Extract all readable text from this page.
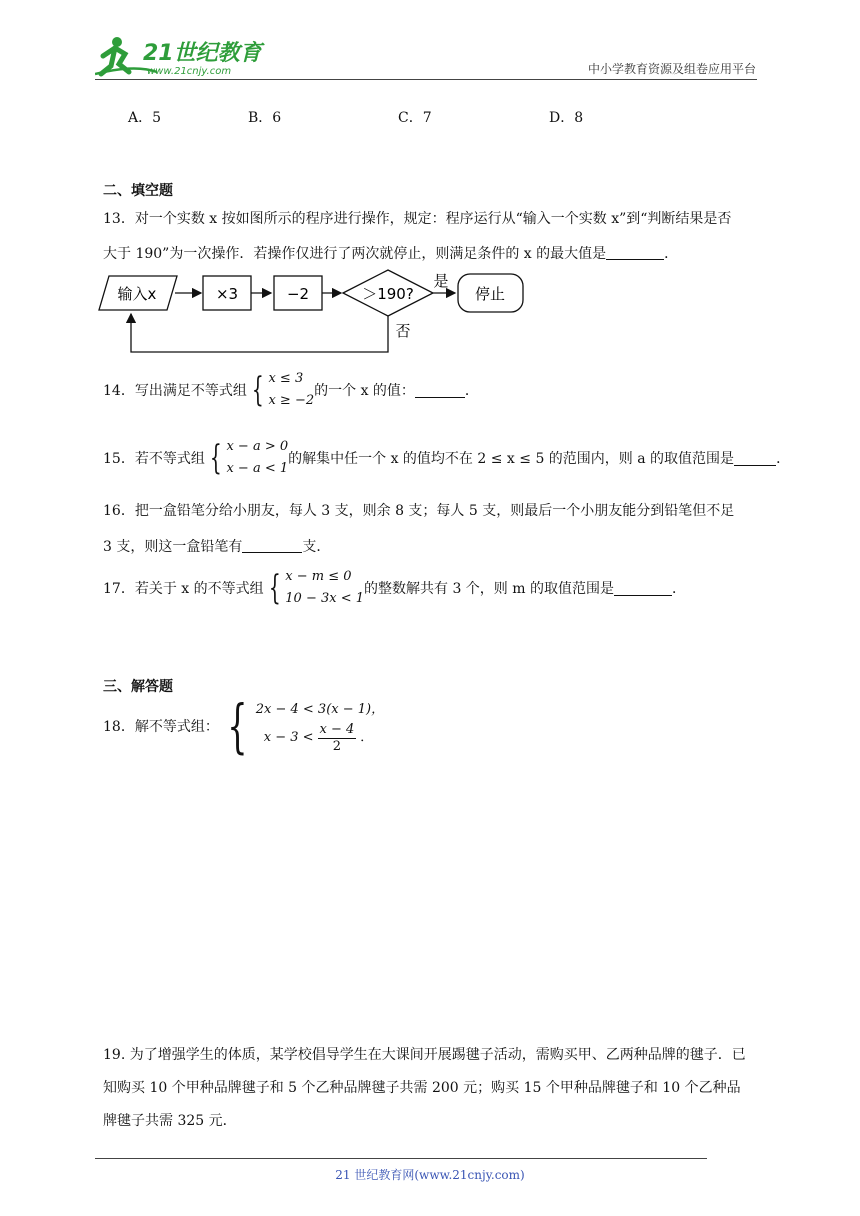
21世纪教育
www.21cnjy.com	中小学教育资源及组卷应用平台
A．5	B．6	C．7	D．8
二、填空题
13．对一个实数 x 按如图所示的程序进行操作，规定：程序运行从“输入一个实数 x”到“判断结果是否
大于 190”为一次操作．若操作仅进行了两次就停止，则满足条件的 x 的最大值是	．
输入x	×3	−2	＞190?
是
停止
否
14．写出满足不等式组 { x ≤ 3
x ≥ −2的一个 x 的值：	．
15．若不等式组 { x − a > 0
x − a < 1的解集中任一个 x 的值均不在 2 ≤ x ≤ 5 的范围内，则 a 的取值范围是	．
16．把一盒铅笔分给小朋友，每人 3 支，则余 8 支；每人 5 支，则最后一个小朋友能分到铅笔但不足
3 支，则这一盒铅笔有	支．
17．若关于 x 的不等式组 { x − m ≤ 0
10 − 3x < 1的整数解共有 3 个，则 m 的取值范围是	．
三、解答题
18．解不等式组： { 2x − 4 < 3(x − 1)，

$x - 3 < \frac{x - 4}{2}$ ．
19. 为了增强学生的体质，某学校倡导学生在大课间开展踢毽子活动，需购买甲、乙两种品牌的毽子．已
知购买 10 个甲种品牌毽子和 5 个乙种品牌毽子共需 200 元；购买 15 个甲种品牌毽子和 10 个乙种品
牌毽子共需 325 元．
21 世纪教育网(www.21cnjy.com)
